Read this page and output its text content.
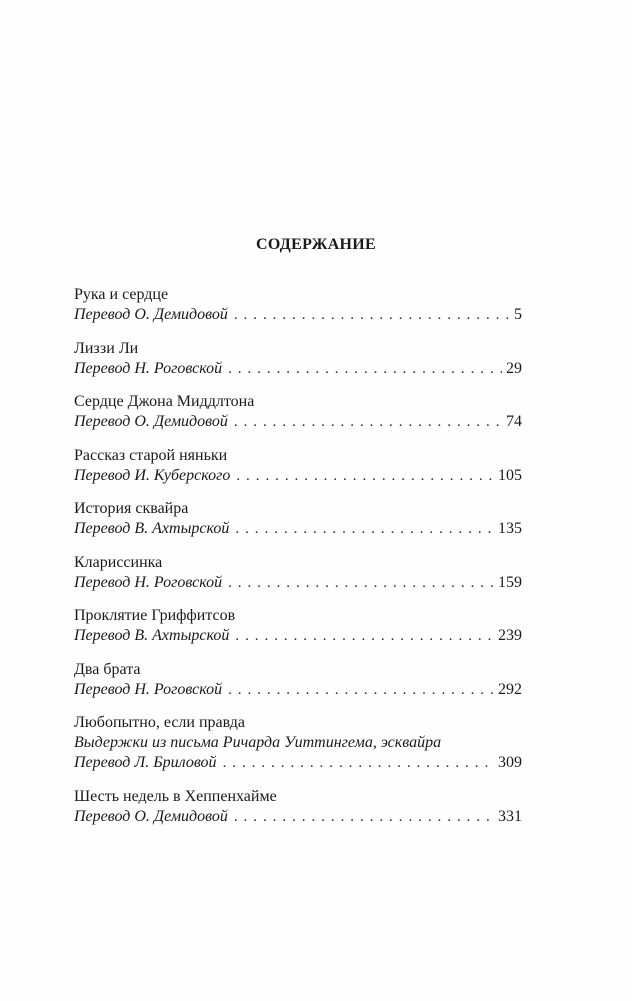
СОДЕРЖАНИЕ
Рука и сердце
Перевод О. Демидовой . . .	5
Лиззи Ли
Перевод Н. Роговской . . .	29
Сердце Джона Миддлтона
Перевод О. Демидовой . . .	74
Рассказ старой няньки
Перевод И. Куберского . . .	105
История сквайра
Перевод В. Ахтырской . . .	135
Кларисcинка
Перевод Н. Роговской . . .	159
Проклятие Гриффитсов
Перевод В. Ахтырской . . .	239
Два брата
Перевод Н. Роговской . . .	292
Любопытно, если правда
Выдержки из письма Ричарда Уиттингема, эсквайра
Перевод Л. Бриловой . . .	309
Шесть недель в Хеппенхайме
Перевод О. Демидовой . . .	331
